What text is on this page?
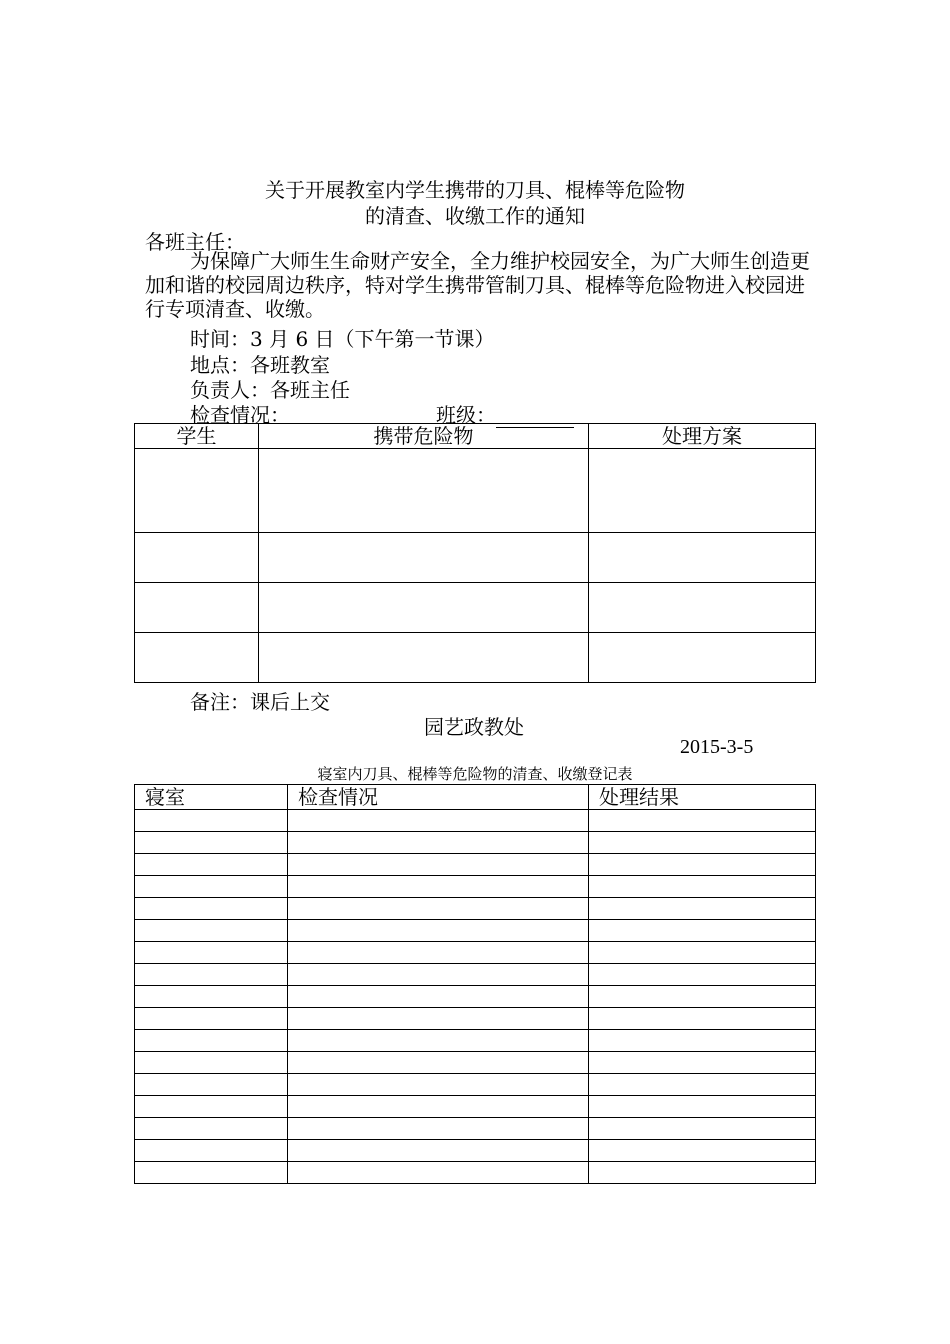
关于开展教室内学生携带的刀具、棍棒等危险物
的清查、收缴工作的通知
各班主任：
为保障广大师生生命财产安全，全力维护校园安全，为广大师生创造更加和谐的校园周边秩序，特对学生携带管制刀具、棍棒等危险物进入校园进行专项清查、收缴。
时间：3 月 6 日（下午第一节课）
地点：各班教室
负责人：各班主任
检查情况：	班级：
学生	携带危险物	处理方案

备注：课后上交
园艺政教处
2015-3-5
寝室内刀具、棍棒等危险物的清查、收缴登记表
寝室	检查情况	处理结果
